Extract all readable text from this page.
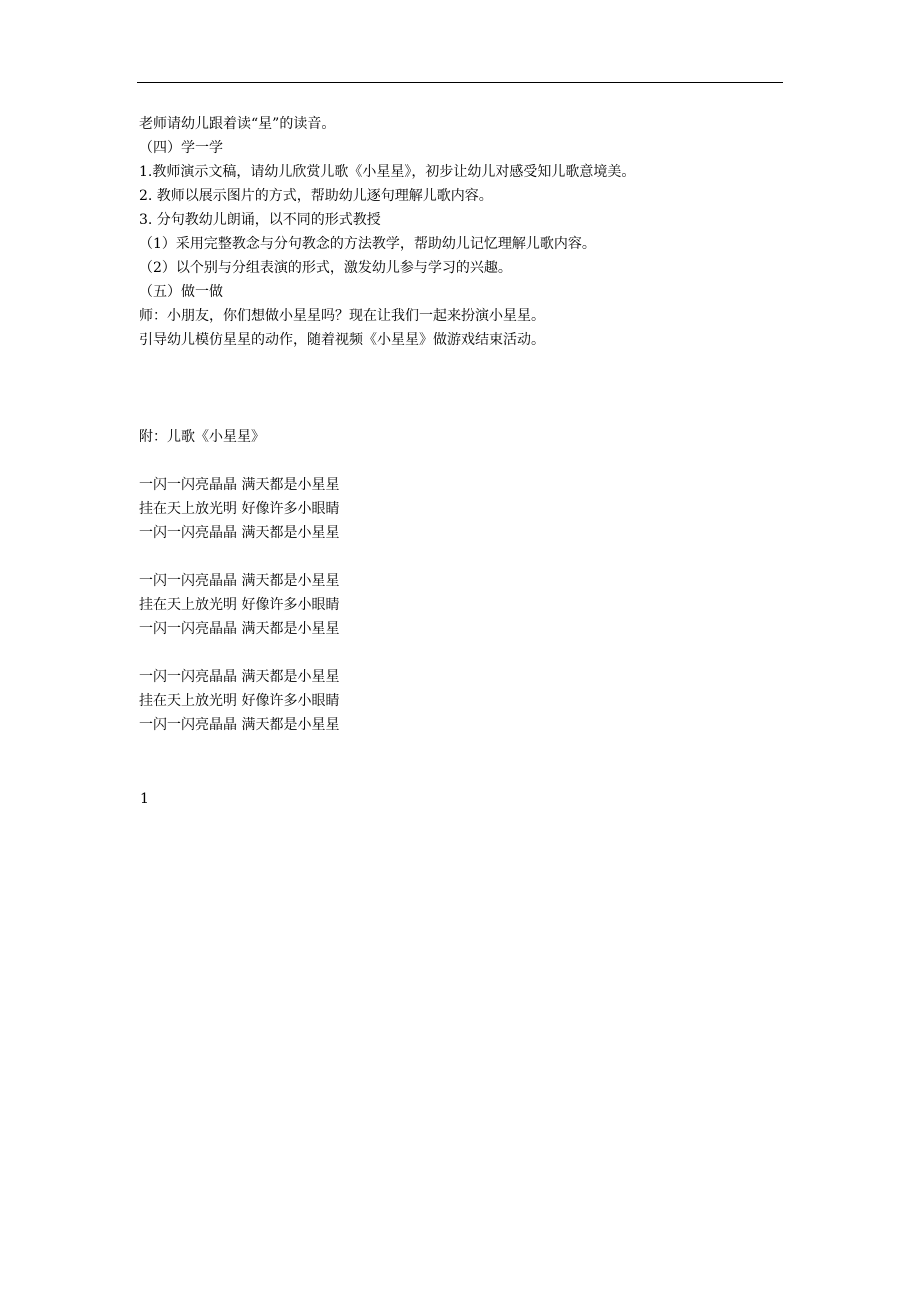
老师请幼儿跟着读“星”的读音。
（四）学一学
1.教师演示文稿，请幼儿欣赏儿歌《小星星》，初步让幼儿对感受知儿歌意境美。
2. 教师以展示图片的方式，帮助幼儿逐句理解儿歌内容。
3. 分句教幼儿朗诵，以不同的形式教授
（1）采用完整教念与分句教念的方法教学，帮助幼儿记忆理解儿歌内容。
（2）以个别与分组表演的形式，激发幼儿参与学习的兴趣。
（五）做一做
师：小朋友，你们想做小星星吗？现在让我们一起来扮演小星星。
引导幼儿模仿星星的动作，随着视频《小星星》做游戏结束活动。
附：儿歌《小星星》
一闪一闪亮晶晶 满天都是小星星
挂在天上放光明 好像许多小眼睛
一闪一闪亮晶晶 满天都是小星星
一闪一闪亮晶晶 满天都是小星星
挂在天上放光明 好像许多小眼睛
一闪一闪亮晶晶 满天都是小星星
一闪一闪亮晶晶 满天都是小星星
挂在天上放光明 好像许多小眼睛
一闪一闪亮晶晶 满天都是小星星
1
